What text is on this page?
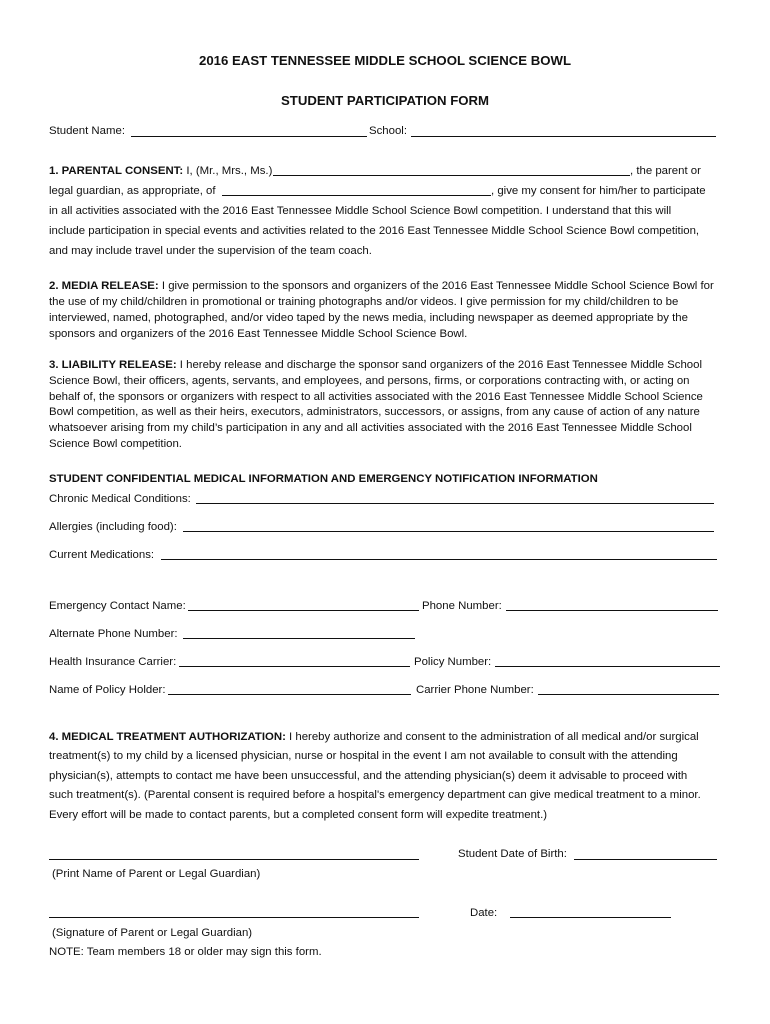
2016 EAST TENNESSEE MIDDLE SCHOOL SCIENCE BOWL
STUDENT PARTICIPATION FORM
Student Name:	School:
1. PARENTAL CONSENT: I, (Mr., Mrs., Ms.)	, the parent or
legal guardian, as appropriate, of	, give my consent for him/her to participate
in all activities associated with the 2016 East Tennessee Middle School Science Bowl competition. I understand that this will
include participation in special events and activities related to the 2016 East Tennessee Middle School Science Bowl competition,
and may include travel under the supervision of the team coach.
2. MEDIA RELEASE: I give permission to the sponsors and organizers of the 2016 East Tennessee Middle School Science Bowl for
the use of my child/children in promotional or training photographs and/or videos. I give permission for my child/children to be
interviewed, named, photographed, and/or video taped by the news media, including newspaper as deemed appropriate by the
sponsors and organizers of the 2016 East Tennessee Middle School Science Bowl.
3. LIABILITY RELEASE: I hereby release and discharge the sponsor sand organizers of the 2016 East Tennessee Middle School
Science Bowl, their officers, agents, servants, and employees, and persons, firms, or corporations contracting with, or acting on
behalf of, the sponsors or organizers with respect to all activities associated with the 2016 East Tennessee Middle School Science
Bowl competition, as well as their heirs, executors, administrators, successors, or assigns, from any cause of action of any nature
whatsoever arising from my child’s participation in any and all activities associated with the 2016 East Tennessee Middle School
Science Bowl competition.
STUDENT CONFIDENTIAL MEDICAL INFORMATION AND EMERGENCY NOTIFICATION INFORMATION
Chronic Medical Conditions:
Allergies (including food):
Current Medications:
Emergency Contact Name:	Phone Number:
Alternate Phone Number:
Health Insurance Carrier:	Policy Number:
Name of Policy Holder:	Carrier Phone Number:
4. MEDICAL TREATMENT AUTHORIZATION: I hereby authorize and consent to the administration of all medical and/or surgical
treatment(s) to my child by a licensed physician, nurse or hospital in the event I am not available to consult with the attending
physician(s), attempts to contact me have been unsuccessful, and the attending physician(s) deem it advisable to proceed with
such treatment(s). (Parental consent is required before a hospital's emergency department can give medical treatment to a minor.
Every effort will be made to contact parents, but a completed consent form will expedite treatment.)
Student Date of Birth:
(Print Name of Parent or Legal Guardian)
Date:
(Signature of Parent or Legal Guardian)
NOTE: Team members 18 or older may sign this form.
